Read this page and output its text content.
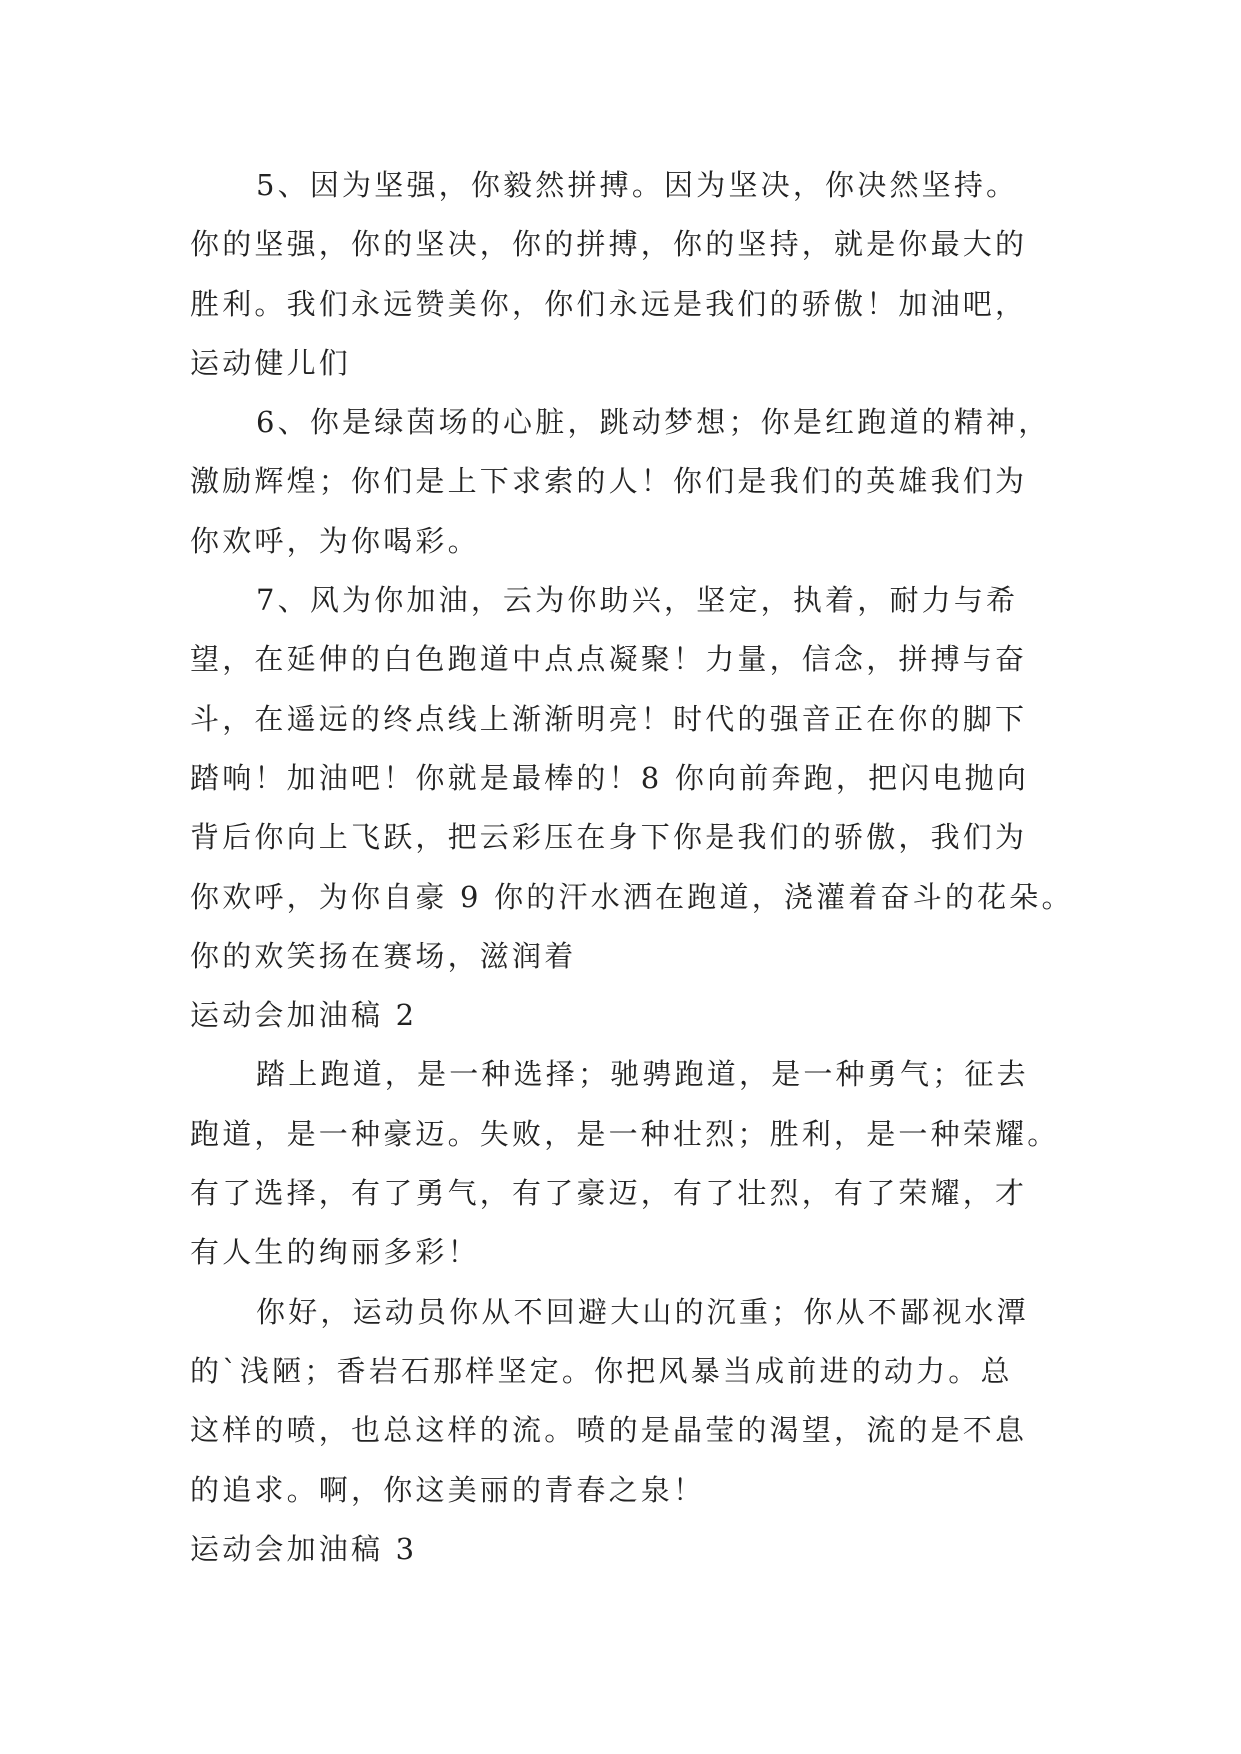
5、因为坚强，你毅然拼搏。因为坚决，你决然坚持。
你的坚强，你的坚决，你的拼搏，你的坚持，就是你最大的
胜利。我们永远赞美你，你们永远是我们的骄傲！加油吧，
运动健儿们
6、你是绿茵场的心脏，跳动梦想；你是红跑道的精神，
激励辉煌；你们是上下求索的人！你们是我们的英雄我们为
你欢呼，为你喝彩。
7、风为你加油，云为你助兴，坚定，执着，耐力与希
望，在延伸的白色跑道中点点凝聚！力量，信念，拼搏与奋
斗，在遥远的终点线上渐渐明亮！时代的强音正在你的脚下
踏响！加油吧！你就是最棒的！8 你向前奔跑，把闪电抛向
背后你向上飞跃，把云彩压在身下你是我们的骄傲，我们为
你欢呼，为你自豪 9 你的汗水洒在跑道，浇灌着奋斗的花朵。
你的欢笑扬在赛场，滋润着
运动会加油稿 2
踏上跑道，是一种选择；驰骋跑道，是一种勇气；征去
跑道，是一种豪迈。失败，是一种壮烈；胜利，是一种荣耀。
有了选择，有了勇气，有了豪迈，有了壮烈，有了荣耀，才
有人生的绚丽多彩！
你好，运动员你从不回避大山的沉重；你从不鄙视水潭
的`浅陋；香岩石那样坚定。你把风暴当成前进的动力。总
这样的喷，也总这样的流。喷的是晶莹的渴望，流的是不息
的追求。啊，你这美丽的青春之泉！
运动会加油稿 3
